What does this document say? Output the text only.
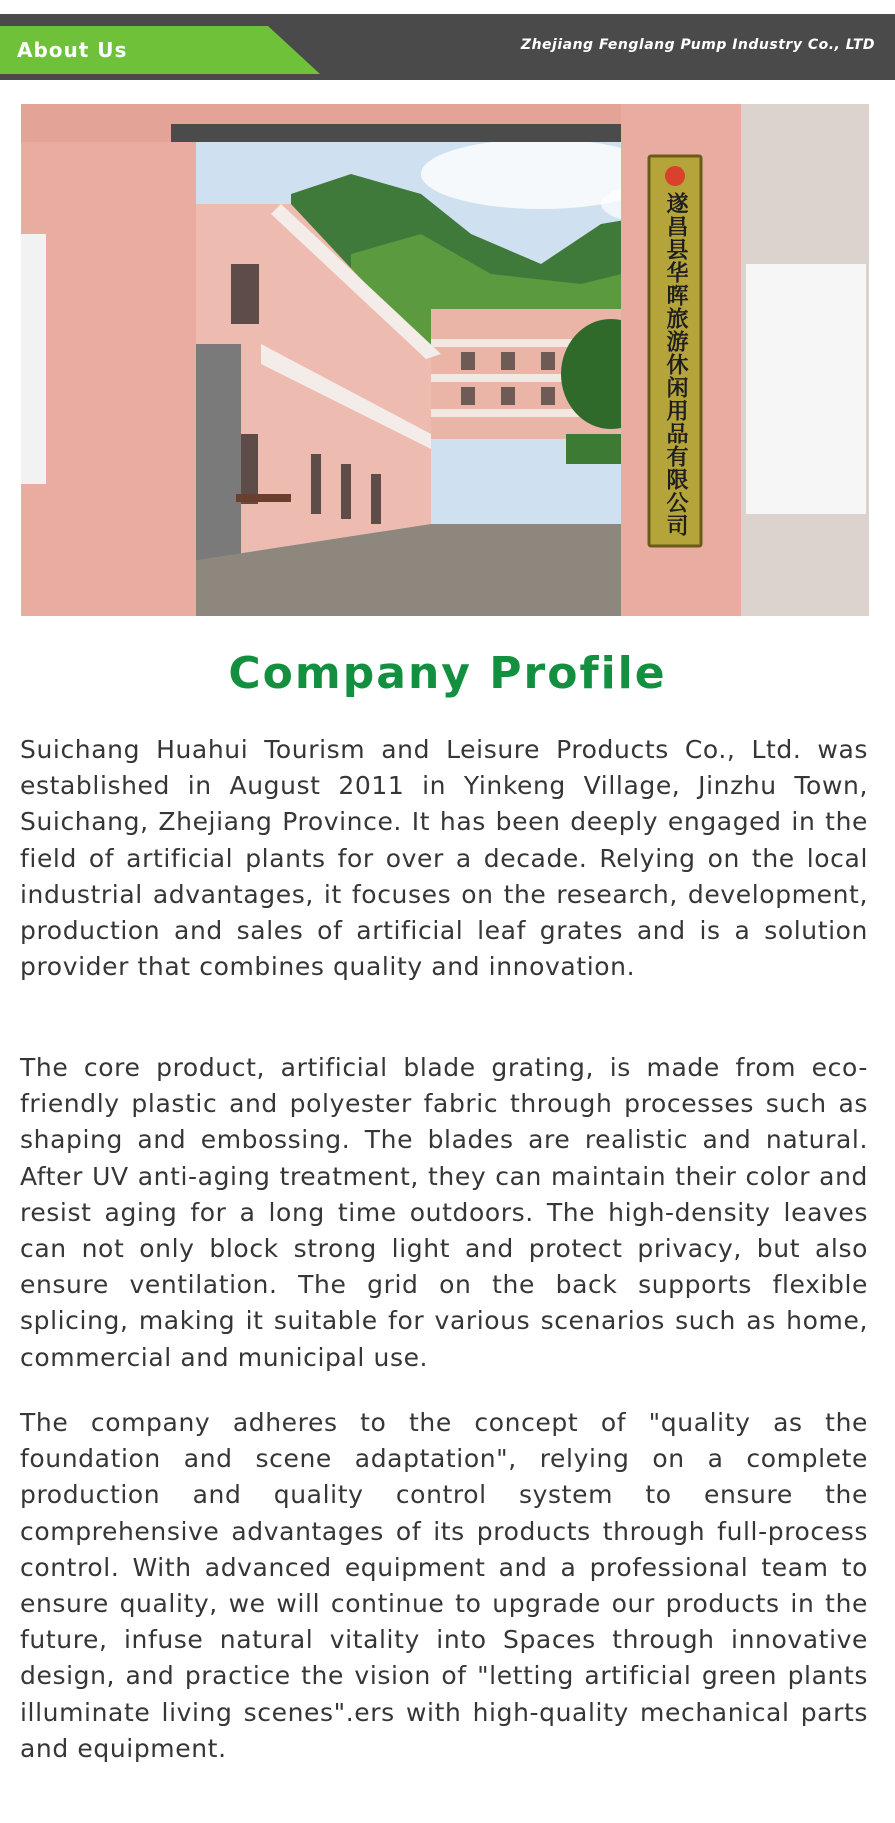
About Us	Zhejiang Fenglang Pump Industry Co., LTD
遂昌县华晖旅游休闲用品有限公司
Company Profile

Suichang Huahui Tourism and Leisure Products Co., Ltd. was established in August 2011 in Yinkeng Village, Jinzhu Town, Suichang, Zhejiang Province. It has been deeply engaged in the field of artificial plants for over a decade. Relying on the local industrial advantages, it focuses on the research, development, production and sales of artificial leaf grates and is a solution provider that combines quality and innovation.

The core product, artificial blade grating, is made from eco-friendly plastic and polyester fabric through processes such as shaping and embossing. The blades are realistic and natural. After UV anti-aging treatment, they can maintain their color and resist aging for a long time outdoors. The high-density leaves can not only block strong light and protect privacy, but also ensure ventilation. The grid on the back supports flexible splicing, making it suitable for various scenarios such as home, commercial and municipal use.

The company adheres to the concept of "quality as the foundation and scene adaptation", relying on a complete production and quality control system to ensure the comprehensive advantages of its products through full-process control. With advanced equipment and a professional team to ensure quality, we will continue to upgrade our products in the future, infuse natural vitality into Spaces through innovative design, and practice the vision of "letting artificial green plants illuminate living scenes".ers with high-quality mechanical parts and equipment.
